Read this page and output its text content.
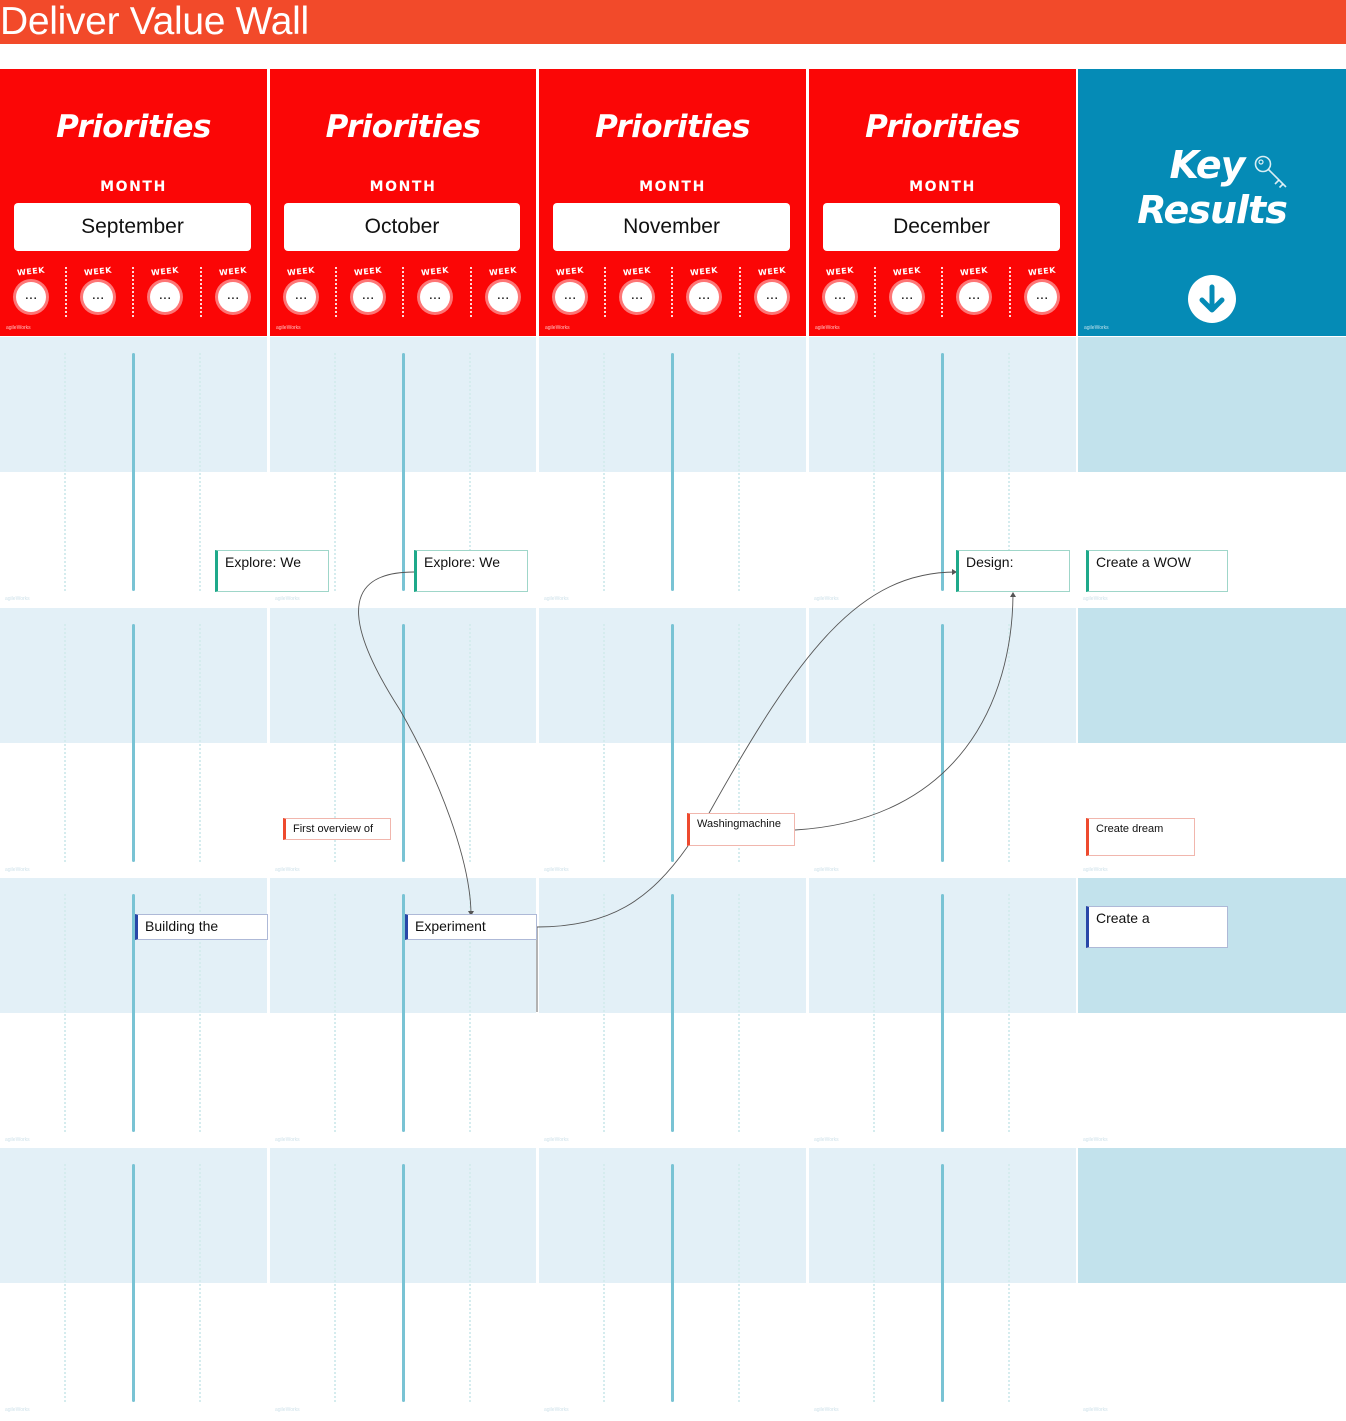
Deliver Value Wall
Priorities
MONTH
September
WEEK
...
WEEK
...
WEEK
...
WEEK
...
agileWorks
Priorities
MONTH
October
WEEK
...
WEEK
...
WEEK
...
WEEK
...
agileWorks
Priorities
MONTH
November
WEEK
...
WEEK
...
WEEK
...
WEEK
...
agileWorks
Priorities
MONTH
December
WEEK
...
WEEK
...
WEEK
...
WEEK
...
agileWorks
Key
Results
agileWorks
agileWorks	agileWorks	agileWorks	agileWorks	agileWorks
agileWorks	agileWorks	agileWorks	agileWorks	agileWorks
agileWorks	agileWorks	agileWorks	agileWorks	agileWorks
agileWorks	agileWorks	agileWorks	agileWorks	agileWorks
Explore: We	Explore: We	Design:	Create a WOW
First overview of	Washingmachine	Create dream
Building the	Experiment	Create a
